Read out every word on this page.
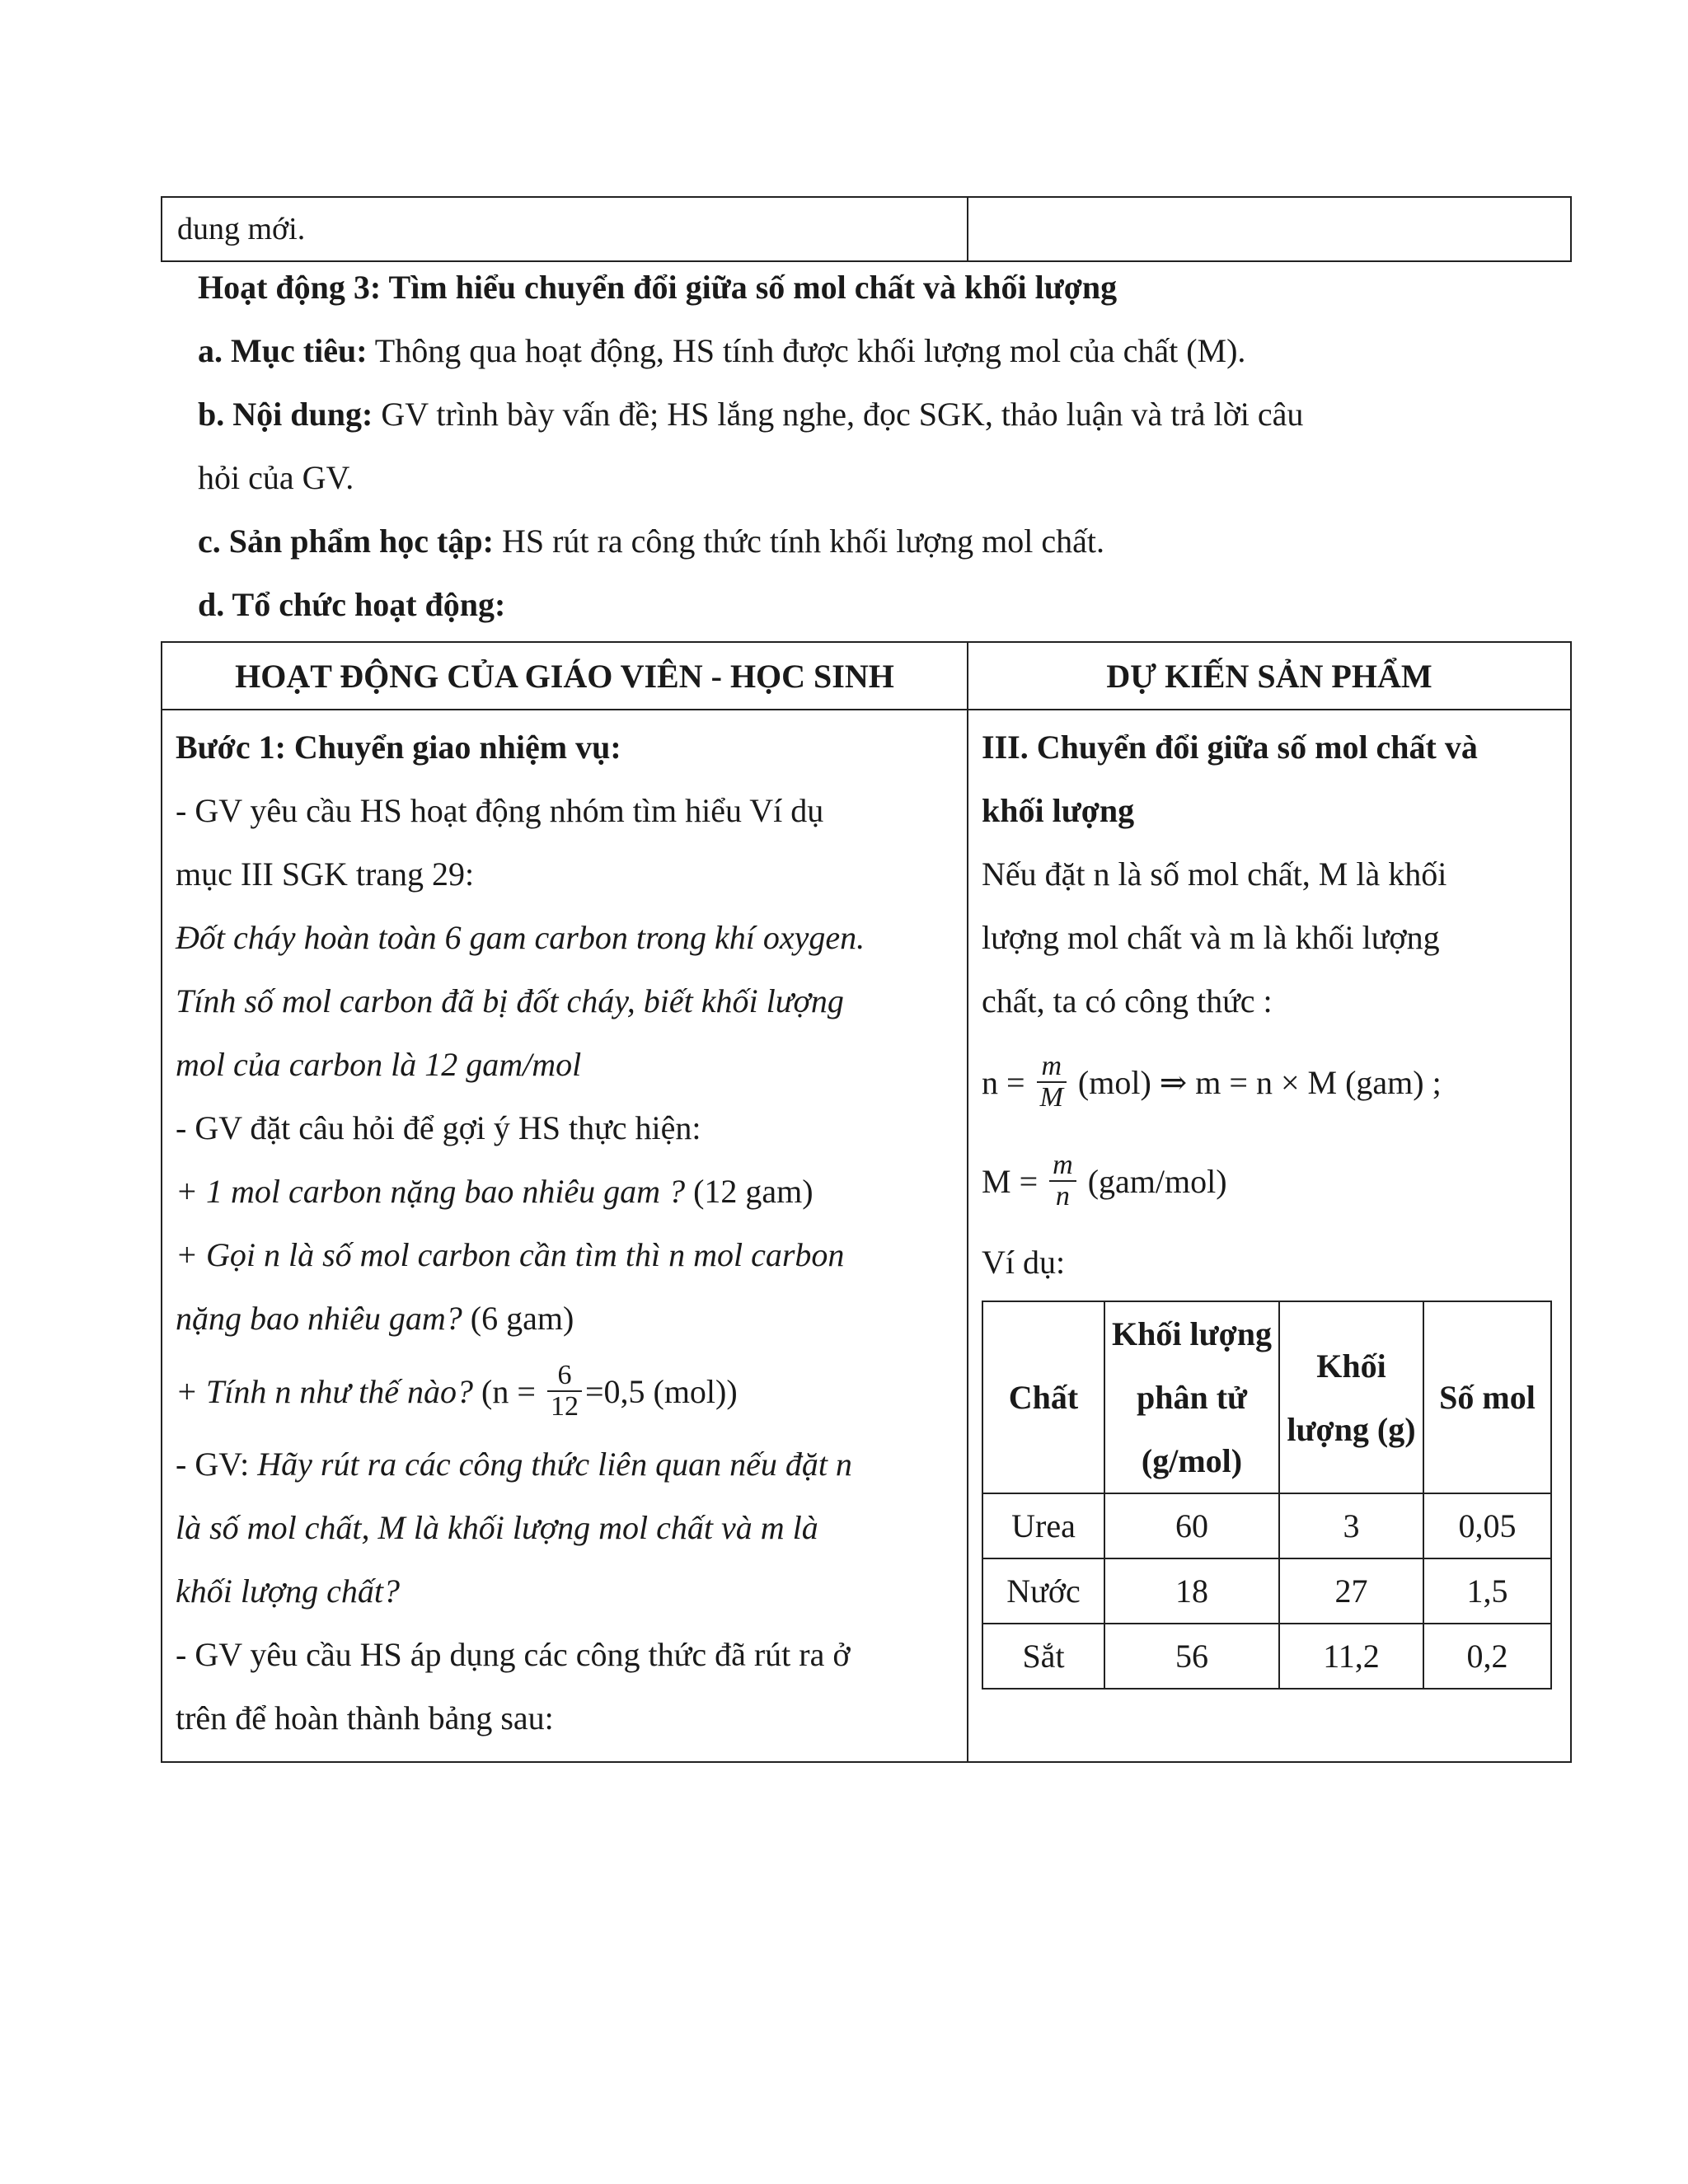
dung mới.	

Hoạt động 3: Tìm hiểu chuyển đổi giữa số mol chất và khối lượng

a. Mục tiêu: Thông qua hoạt động, HS tính được khối lượng mol của chất (M).

b. Nội dung: GV trình bày vấn đề; HS lắng nghe, đọc SGK, thảo luận và trả lời câu

hỏi của GV.

c. Sản phẩm học tập: HS rút ra công thức tính khối lượng mol chất.

d. Tổ chức hoạt động:

HOẠT ĐỘNG CỦA GIÁO VIÊN - HỌC SINH	DỰ KIẾN SẢN PHẨM

Bước 1: Chuyển giao nhiệm vụ:
- GV yêu cầu HS hoạt động nhóm tìm hiểu Ví dụ
mục III SGK trang 29:
Đốt cháy hoàn toàn 6 gam carbon trong khí oxygen.
Tính số mol carbon đã bị đốt cháy, biết khối lượng
mol của carbon là 12 gam/mol
- GV đặt câu hỏi để gợi ý HS thực hiện:
+ 1 mol carbon nặng bao nhiêu gam ? (12 gam)
+ Gọi n là số mol carbon cần tìm thì n mol carbon
nặng bao nhiêu gam? (6 gam)
+ Tính n như thế nào? ($n = \frac{6}{12} =0,5$ (mol))
- GV: Hãy rút ra các công thức liên quan nếu đặt n
là số mol chất, M là khối lượng mol chất và m là
khối lượng chất?
- GV yêu cầu HS áp dụng các công thức đã rút ra ở
trên để hoàn thành bảng sau:

III. Chuyển đổi giữa số mol chất và
khối lượng
Nếu đặt n là số mol chất, M là khối
lượng mol chất và m là khối lượng
chất, ta có công thức :
$n = \frac{m}{M} (mol)$ ⇒ m = n × M (gam) ;
$M = \frac{m}{n} (gam/mol)$
Ví dụ:
Chất	Khối lượng phân tử (g/mol)	Khối lượng (g)	Số mol
Urea	60	3	0,05
Nước	18	27	1,5
Sắt	56	11,2	0,2
